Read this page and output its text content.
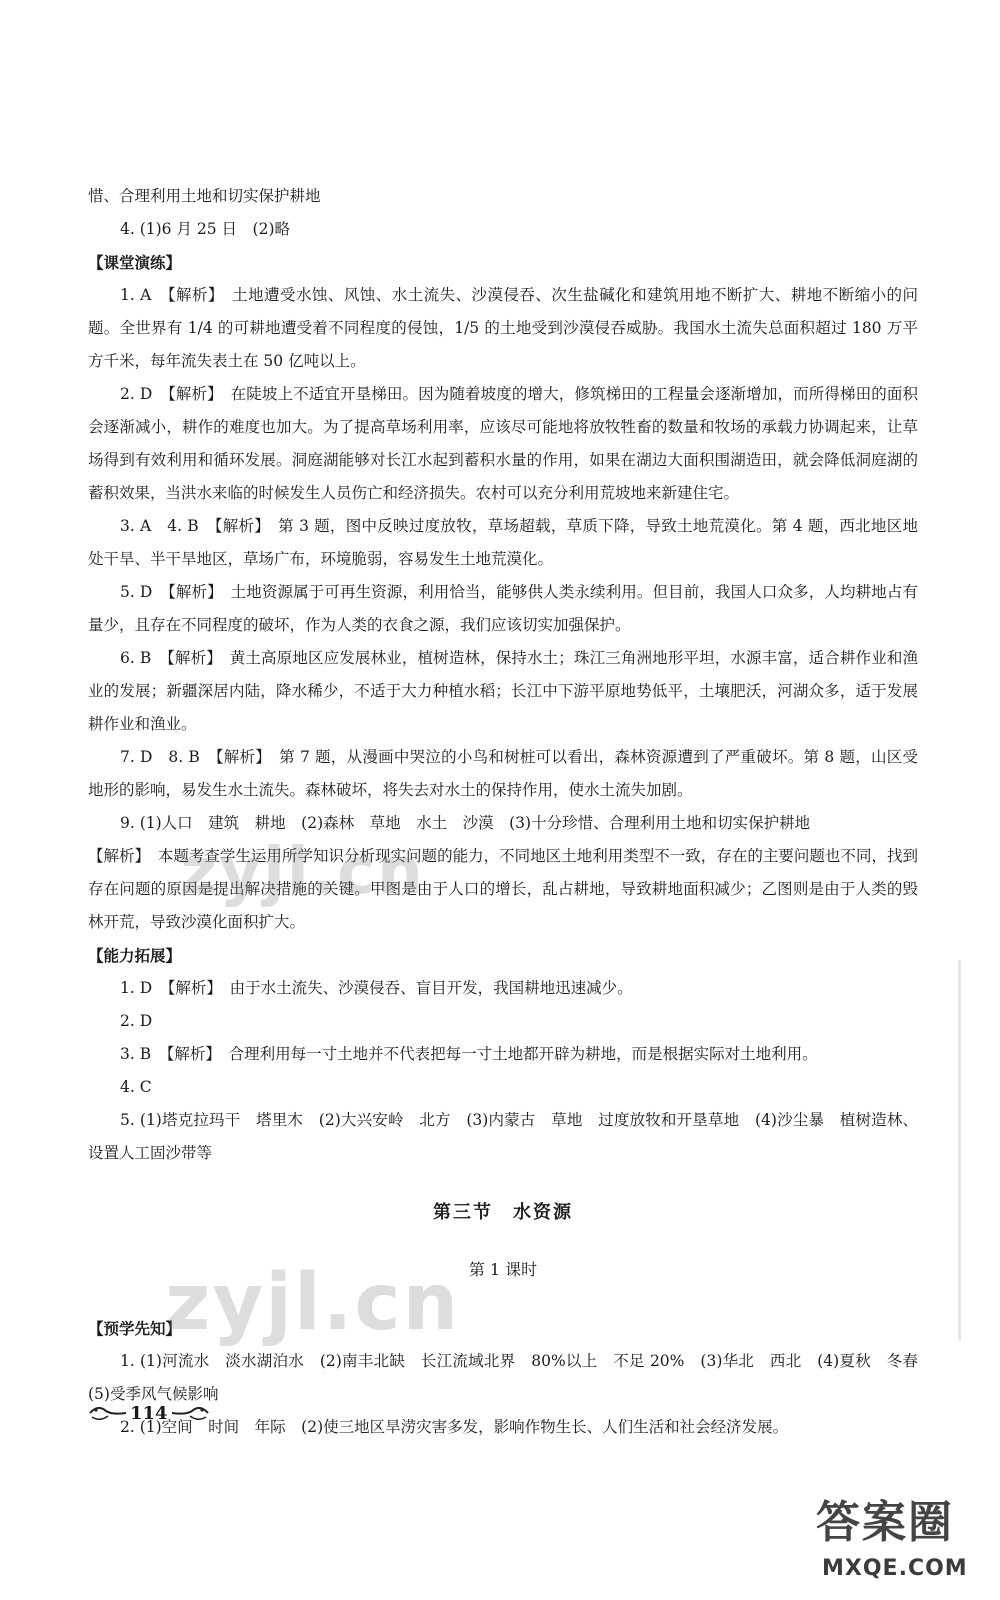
惜、合理利用土地和切实保护耕地

4. (1)6 月 25 日　(2)略

【课堂演练】

1. A　【解析】　土地遭受水蚀、风蚀、水土流失、沙漠侵吞、次生盐碱化和建筑用地不断扩大、耕地不断缩小的问题。全世界有 1/4 的可耕地遭受着不同程度的侵蚀，1/5 的土地受到沙漠侵吞威胁。我国水土流失总面积超过 180 万平方千米，每年流失表土在 50 亿吨以上。

2. D　【解析】　在陡坡上不适宜开垦梯田。因为随着坡度的增大，修筑梯田的工程量会逐渐增加，而所得梯田的面积会逐渐减小，耕作的难度也加大。为了提高草场利用率，应该尽可能地将放牧牲畜的数量和牧场的承载力协调起来，让草场得到有效利用和循环发展。洞庭湖能够对长江水起到蓄积水量的作用，如果在湖边大面积围湖造田，就会降低洞庭湖的蓄积效果，当洪水来临的时候发生人员伤亡和经济损失。农村可以充分利用荒坡地来新建住宅。

3. A　4. B　【解析】　第 3 题，图中反映过度放牧，草场超载，草质下降，导致土地荒漠化。第 4 题，西北地区地处干旱、半干旱地区，草场广布，环境脆弱，容易发生土地荒漠化。

5. D　【解析】　土地资源属于可再生资源，利用恰当，能够供人类永续利用。但目前，我国人口众多，人均耕地占有量少，且存在不同程度的破坏，作为人类的衣食之源，我们应该切实加强保护。

6. B　【解析】　黄土高原地区应发展林业，植树造林，保持水土；珠江三角洲地形平坦，水源丰富，适合耕作业和渔业的发展；新疆深居内陆，降水稀少，不适于大力种植水稻；长江中下游平原地势低平，土壤肥沃，河湖众多，适于发展耕作业和渔业。

7. D　8. B　【解析】　第 7 题，从漫画中哭泣的小鸟和树桩可以看出，森林资源遭到了严重破坏。第 8 题，山区受地形的影响，易发生水土流失。森林破坏，将失去对水土的保持作用，使水土流失加剧。

9. (1)人口　建筑　耕地　(2)森林　草地　水土　沙漠　(3)十分珍惜、合理利用土地和切实保护耕地

【解析】　本题考查学生运用所学知识分析现实问题的能力，不同地区土地利用类型不一致，存在的主要问题也不同，找到存在问题的原因是提出解决措施的关键。甲图是由于人口的增长，乱占耕地，导致耕地面积减少；乙图则是由于人类的毁林开荒，导致沙漠化面积扩大。

【能力拓展】

1. D　【解析】　由于水土流失、沙漠侵吞、盲目开发，我国耕地迅速减少。

2. D

3. B　【解析】　合理利用每一寸土地并不代表把每一寸土地都开辟为耕地，而是根据实际对土地利用。

4. C

5. (1)塔克拉玛干　塔里木　(2)大兴安岭　北方　(3)内蒙古　草地　过度放牧和开垦草地　(4)沙尘暴　植树造林、设置人工固沙带等

第三节　水资源
第 1 课时

【预学先知】

1. (1)河流水　淡水湖泊水　(2)南丰北缺　长江流域北界　80%以上　不足 20%　(3)华北　西北　(4)夏秋　冬春　(5)受季风气候影响

2. (1)空间　时间　年际　(2)使三地区旱涝灾害多发，影响作物生长、人们生活和社会经济发展。

114
zyjl.cn
zyjl.cn
答案圈
MXQE.COM
